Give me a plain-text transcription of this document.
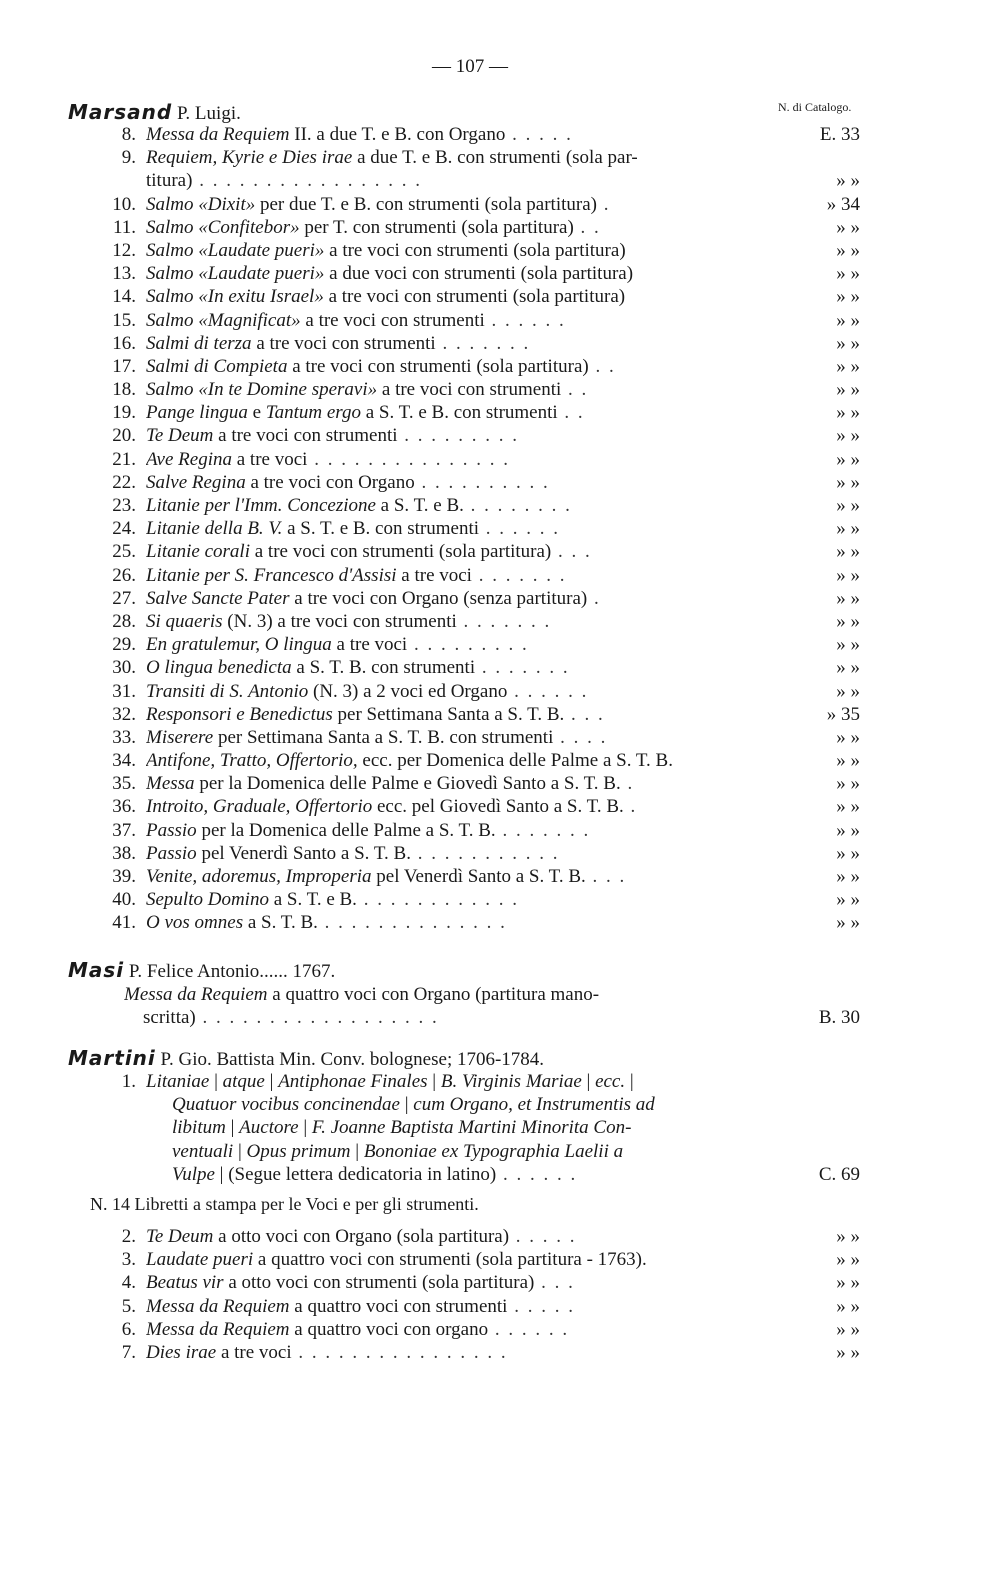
— 107 —
Marsand P. Luigi.	N. di Catalogo.
8. Messa da Requiem II. a due T. e B. con Organo . . . . .	E. 33
9. Requiem, Kyrie e Dies irae a due T. e B. con strumenti (sola par-
titura) . . . . . . . . . . . . . . . . .	» »
10. Salmo «Dixit» per due T. e B. con strumenti (sola partitura) .	» 34
11. Salmo «Confitebor» per T. con strumenti (sola partitura) . .	» »
12. Salmo «Laudate pueri» a tre voci con strumenti (sola partitura)	» »
13. Salmo «Laudate pueri» a due voci con strumenti (sola partitura)	» »
14. Salmo «In exitu Israel» a tre voci con strumenti (sola partitura)	» »
15. Salmo «Magnificat» a tre voci con strumenti . . . . . .	» »
16. Salmi di terza a tre voci con strumenti . . . . . . .	» »
17. Salmi di Compieta a tre voci con strumenti (sola partitura) . .	» »
18. Salmo «In te Domine speravi» a tre voci con strumenti . .	» »
19. Pange lingua e Tantum ergo a S. T. e B. con strumenti . .	» »
20. Te Deum a tre voci con strumenti . . . . . . . . .	» »
21. Ave Regina a tre voci . . . . . . . . . . . . . . .	» »
22. Salve Regina a tre voci con Organo . . . . . . . . . .	» »
23. Litanie per l'Imm. Concezione a S. T. e B. . . . . . . . .	» »
24. Litanie della B. V. a S. T. e B. con strumenti . . . . . .	» »
25. Litanie corali a tre voci con strumenti (sola partitura) . . .	» »
26. Litanie per S. Francesco d'Assisi a tre voci . . . . . . .	» »
27. Salve Sancte Pater a tre voci con Organo (senza partitura) .	» »
28. Si quaeris (N. 3) a tre voci con strumenti . . . . . . .	» »
29. En gratulemur, O lingua a tre voci . . . . . . . . .	» »
30. O lingua benedicta a S. T. B. con strumenti . . . . . . .	» »
31. Transiti di S. Antonio (N. 3) a 2 voci ed Organo . . . . . .	» »
32. Responsori e Benedictus per Settimana Santa a S. T. B. . . .	» 35
33. Miserere per Settimana Santa a S. T. B. con strumenti . . . .	» »
34. Antifone, Tratto, Offertorio, ecc. per Domenica delle Palme a S. T. B.	» »
35. Messa per la Domenica delle Palme e Giovedì Santo a S. T. B. .	» »
36. Introito, Graduale, Offertorio ecc. pel Giovedì Santo a S. T. B. .	» »
37. Passio per la Domenica delle Palme a S. T. B. . . . . . . .	» »
38. Passio pel Venerdì Santo a S. T. B. . . . . . . . . . . .	» »
39. Venite, adoremus, Improperia pel Venerdì Santo a S. T. B. . . .	» »
40. Sepulto Domino a S. T. e B. . . . . . . . . . . . .	» »
41. O vos omnes a S. T. B. . . . . . . . . . . . . . .	» »
Masi P. Felice Antonio...... 1767.
Messa da Requiem a quattro voci con Organo (partitura mano-
scritta) . . . . . . . . . . . . . . . . . .	B. 30
Martini P. Gio. Battista Min. Conv. bolognese; 1706-1784.
1. Litaniae | atque | Antiphonae Finales | B. Virginis Mariae | ecc. |
Quatuor vocibus concinendae | cum Organo, et Instrumentis ad
libitum | Auctore | F. Joanne Baptista Martini Minorita Con-
ventuali | Opus primum | Bononiae ex Typographia Laelii a
Vulpe | (Segue lettera dedicatoria in latino) . . . . . .	C. 69
N. 14 Libretti a stampa per le Voci e per gli strumenti.
2. Te Deum a otto voci con Organo (sola partitura) . . . . .	» »
3. Laudate pueri a quattro voci con strumenti (sola partitura - 1763).	» »
4. Beatus vir a otto voci con strumenti (sola partitura) . . .	» »
5. Messa da Requiem a quattro voci con strumenti . . . . .	» »
6. Messa da Requiem a quattro voci con organo . . . . . .	» »
7. Dies irae a tre voci . . . . . . . . . . . . . . . .	» »
